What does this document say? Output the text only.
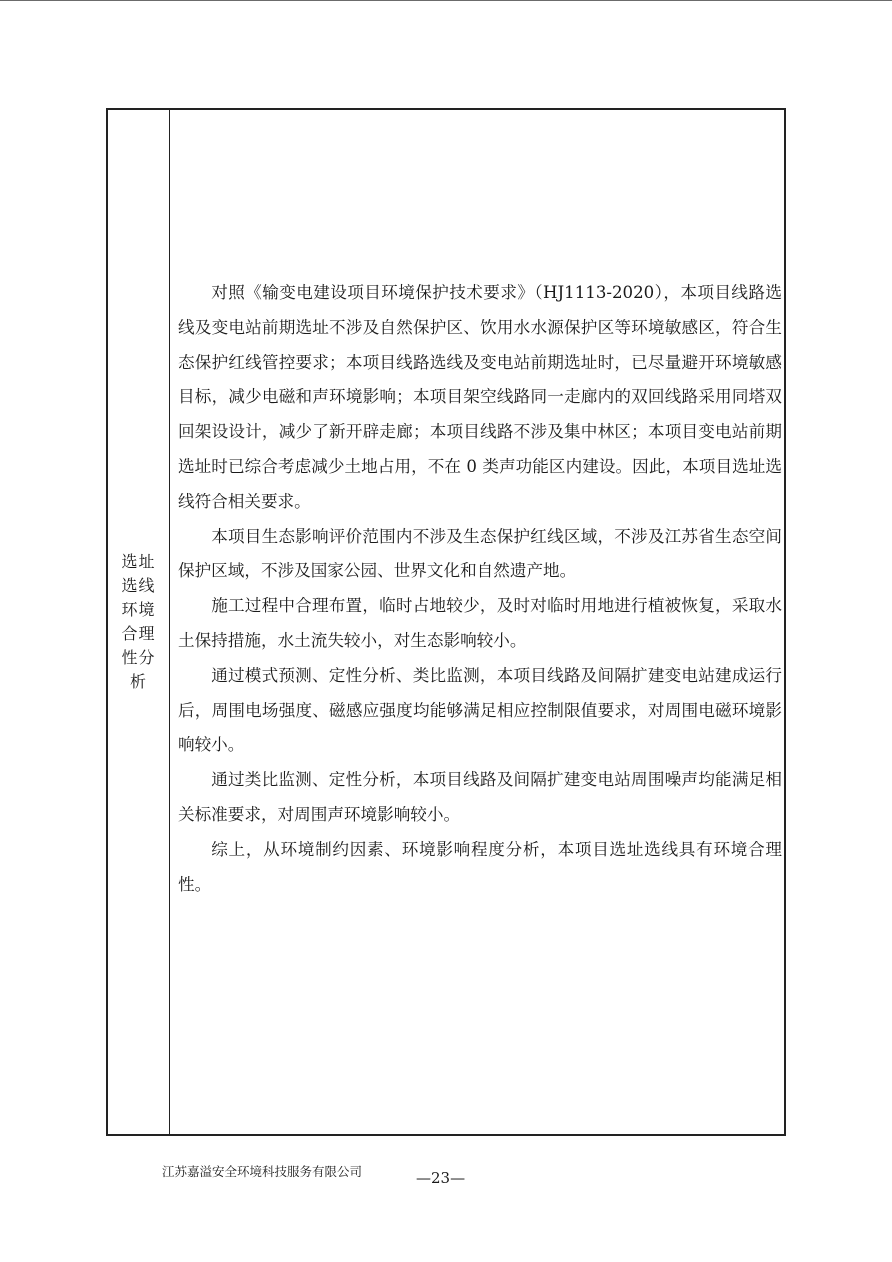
选址选线环境合理性分析

对照《输变电建设项目环境保护技术要求》（HJ1113-2020），本项目线路选线及变电站前期选址不涉及自然保护区、饮用水水源保护区等环境敏感区，符合生态保护红线管控要求；本项目线路选线及变电站前期选址时，已尽量避开环境敏感目标，减少电磁和声环境影响；本项目架空线路同一走廊内的双回线路采用同塔双回架设设计，减少了新开辟走廊；本项目线路不涉及集中林区；本项目变电站前期选址时已综合考虑减少土地占用，不在 0 类声功能区内建设。因此，本项目选址选线符合相关要求。

本项目生态影响评价范围内不涉及生态保护红线区域，不涉及江苏省生态空间保护区域，不涉及国家公园、世界文化和自然遗产地。

施工过程中合理布置，临时占地较少，及时对临时用地进行植被恢复，采取水土保持措施，水土流失较小，对生态影响较小。

通过模式预测、定性分析、类比监测，本项目线路及间隔扩建变电站建成运行后，周围电场强度、磁感应强度均能够满足相应控制限值要求，对周围电磁环境影响较小。

通过类比监测、定性分析，本项目线路及间隔扩建变电站周围噪声均能满足相关标准要求，对周围声环境影响较小。

综上，从环境制约因素、环境影响程度分析，本项目选址选线具有环境合理性。

江苏嘉溢安全环境科技服务有限公司	—23—
